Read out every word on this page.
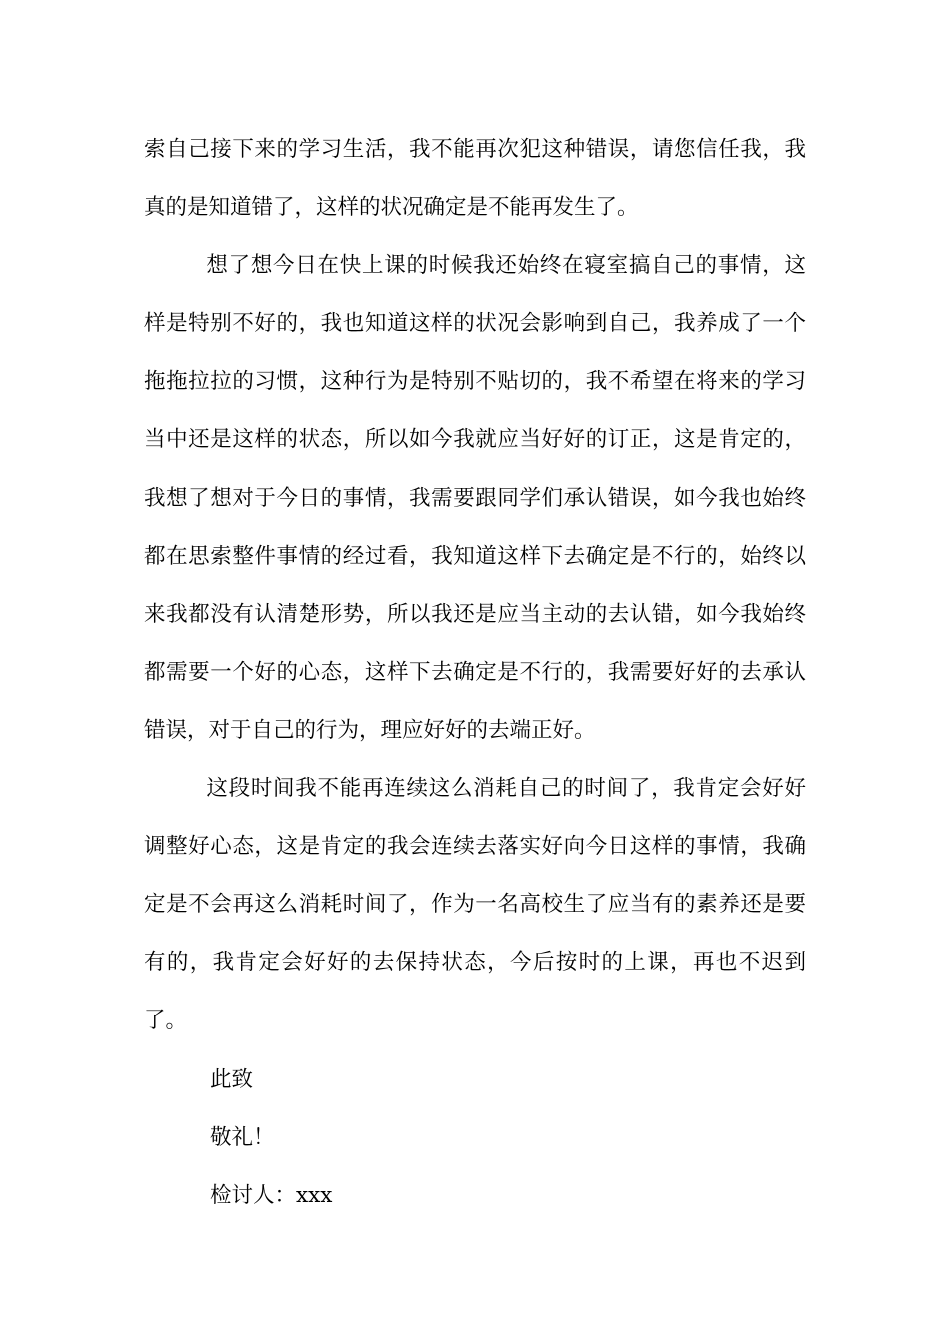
索自己接下来的学习生活，我不能再次犯这种错误，请您信任我，我真的是知道错了，这样的状况确定是不能再发生了。

想了想今日在快上课的时候我还始终在寝室搞自己的事情，这样是特别不好的，我也知道这样的状况会影响到自己，我养成了一个拖拖拉拉的习惯，这种行为是特别不贴切的，我不希望在将来的学习当中还是这样的状态，所以如今我就应当好好的订正，这是肯定的，我想了想对于今日的事情，我需要跟同学们承认错误，如今我也始终都在思索整件事情的经过看，我知道这样下去确定是不行的，始终以来我都没有认清楚形势，所以我还是应当主动的去认错，如今我始终都需要一个好的心态，这样下去确定是不行的，我需要好好的去承认错误，对于自己的行为，理应好好的去端正好。

这段时间我不能再连续这么消耗自己的时间了，我肯定会好好调整好心态，这是肯定的我会连续去落实好向今日这样的事情，我确定是不会再这么消耗时间了，作为一名高校生了应当有的素养还是要有的，我肯定会好好的去保持状态，今后按时的上课，再也不迟到了。

此致

敬礼！

检讨人：xxx
